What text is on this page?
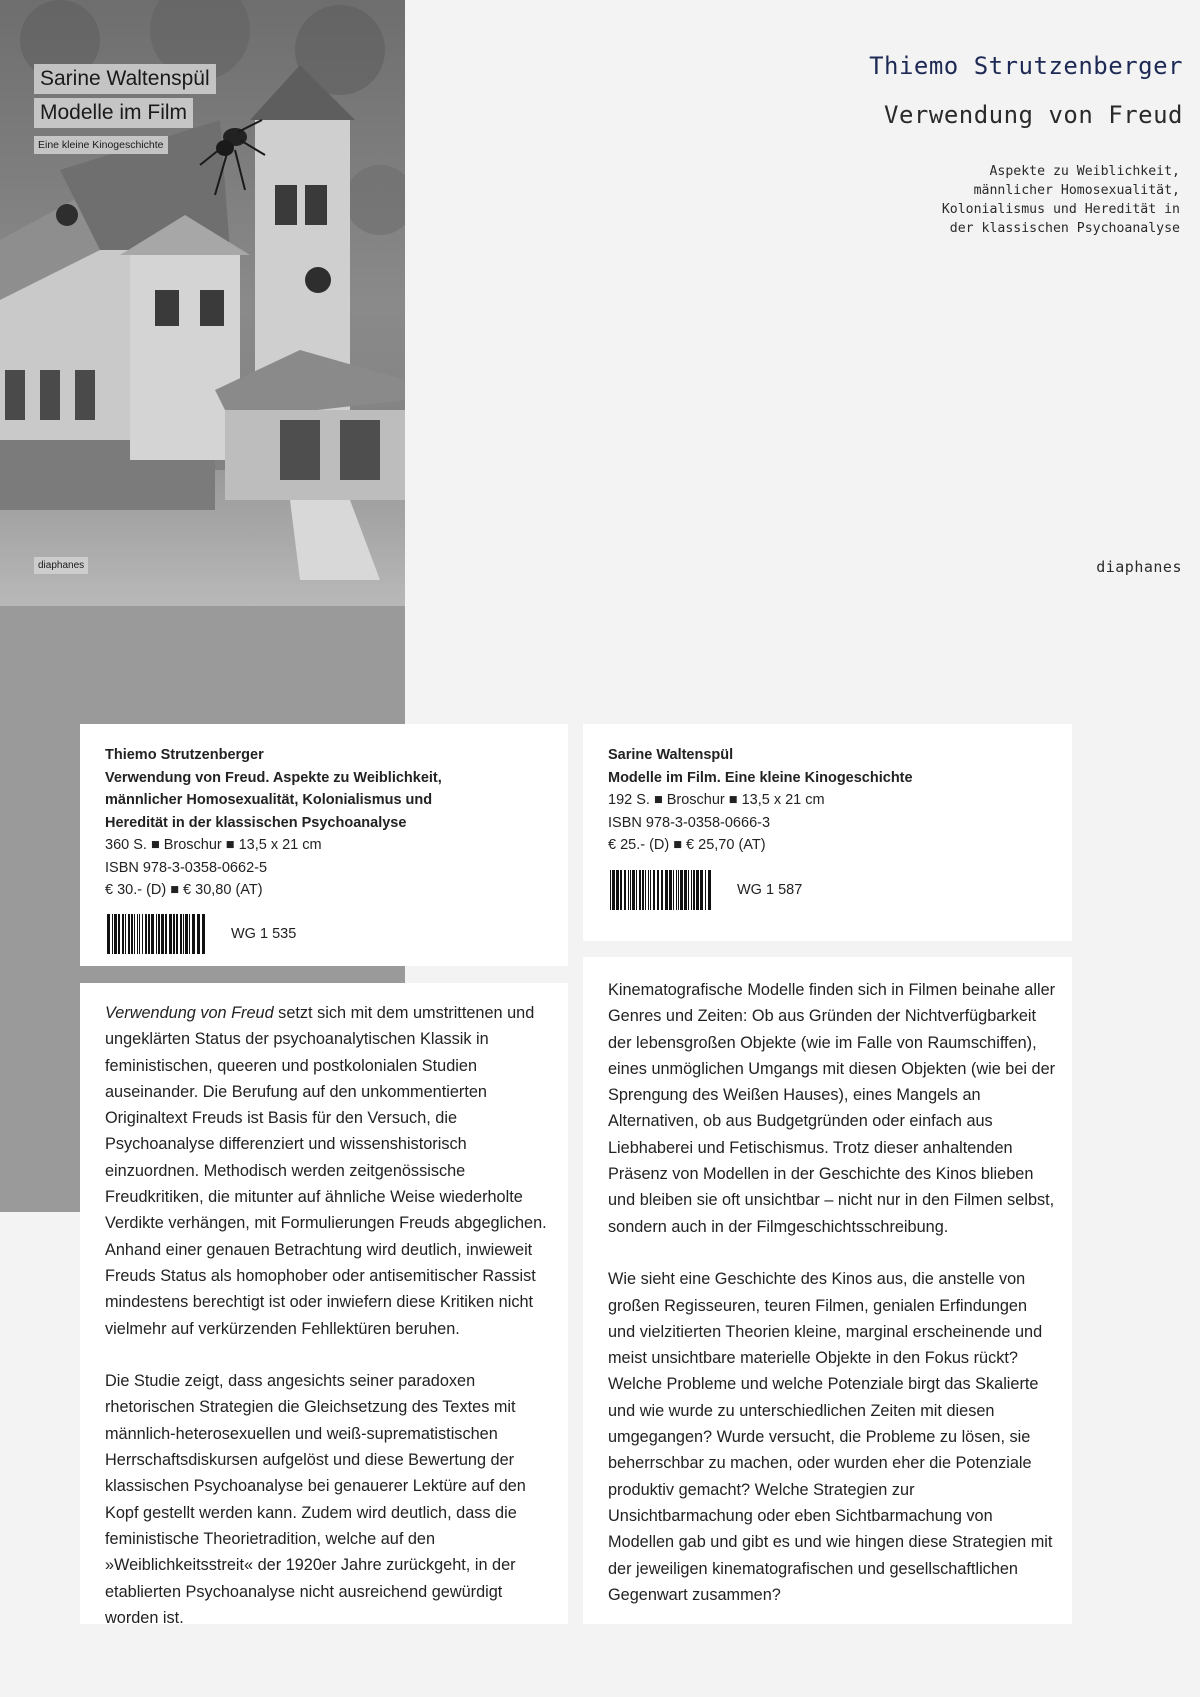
Thiemo Strutzenberger
Verwendung von Freud
Aspekte zu Weiblichkeit,
männlicher Homosexualität,
Kolonialismus und Heredität in
der klassischen Psychoanalyse
diaphanes
Sarine Waltenspül
Modelle im Film
Eine kleine Kinogeschichte
diaphanes
Thiemo Strutzenberger
Verwendung von Freud. Aspekte zu Weiblichkeit,
männlicher Homosexualität, Kolonialismus und
Heredität in der klassischen Psychoanalyse
360 S. ■ Broschur ■ 13,5 x 21 cm
ISBN 978-3-0358-0662-5
€ 30.- (D) ■ € 30,80 (AT)
WG 1 535
Sarine Waltenspül
Modelle im Film. Eine kleine Kinogeschichte
192 S. ■ Broschur ■ 13,5 x 21 cm
ISBN 978-3-0358-0666-3
€ 25.- (D) ■ € 25,70 (AT)
WG 1 587

Verwendung von Freud setzt sich mit dem umstrittenen und ungeklärten Status der psychoanalytischen Klassik in feministischen, queeren und postkolonialen Studien auseinander. Die Berufung auf den unkommentierten Originaltext Freuds ist Basis für den Versuch, die Psychoanalyse differenziert und wissenshistorisch einzuordnen. Methodisch werden zeitgenössische Freudkritiken, die mitunter auf ähnliche Weise wiederholte Verdikte verhängen, mit Formulierungen Freuds abgeglichen. Anhand einer genauen Betrachtung wird deutlich, inwieweit Freuds Status als homophober oder antisemitischer Rassist mindestens berechtigt ist oder inwiefern diese Kritiken nicht vielmehr auf verkürzenden Fehllektüren beruhen.

Die Studie zeigt, dass angesichts seiner paradoxen rhetorischen Strategien die Gleichsetzung des Textes mit männlich-heterosexuellen und weiß-suprematistischen Herrschaftsdiskursen aufgelöst und diese Bewertung der klassischen Psychoanalyse bei genauerer Lektüre auf den Kopf gestellt werden kann. Zudem wird deutlich, dass die feministische Theorietradition, welche auf den »Weiblichkeitsstreit« der 1920er Jahre zurückgeht, in der etablierten Psychoanalyse nicht ausreichend gewürdigt worden ist.

Kinematografische Modelle finden sich in Filmen beinahe aller Genres und Zeiten: Ob aus Gründen der Nichtverfügbarkeit der lebensgroßen Objekte (wie im Falle von Raumschiffen), eines unmöglichen Umgangs mit diesen Objekten (wie bei der Sprengung des Weißen Hauses), eines Mangels an Alternativen, ob aus Budgetgründen oder einfach aus Liebhaberei und Fetischismus. Trotz dieser anhaltenden Präsenz von Modellen in der Geschichte des Kinos blieben und bleiben sie oft unsichtbar – nicht nur in den Filmen selbst, sondern auch in der Filmgeschichtsschreibung.

Wie sieht eine Geschichte des Kinos aus, die anstelle von großen Regisseuren, teuren Filmen, genialen Erfindungen und vielzitierten Theorien kleine, marginal erscheinende und meist unsichtbare materielle Objekte in den Fokus rückt? Welche Probleme und welche Potenziale birgt das Skalierte und wie wurde zu unterschiedlichen Zeiten mit diesen umgegangen? Wurde versucht, die Probleme zu lösen, sie beherrschbar zu machen, oder wurden eher die Potenziale produktiv gemacht? Welche Strategien zur Unsichtbarmachung oder eben Sichtbarmachung von Modellen gab und gibt es und wie hingen diese Strategien mit der jeweiligen kinematografischen und gesellschaftlichen Gegenwart zusammen?
